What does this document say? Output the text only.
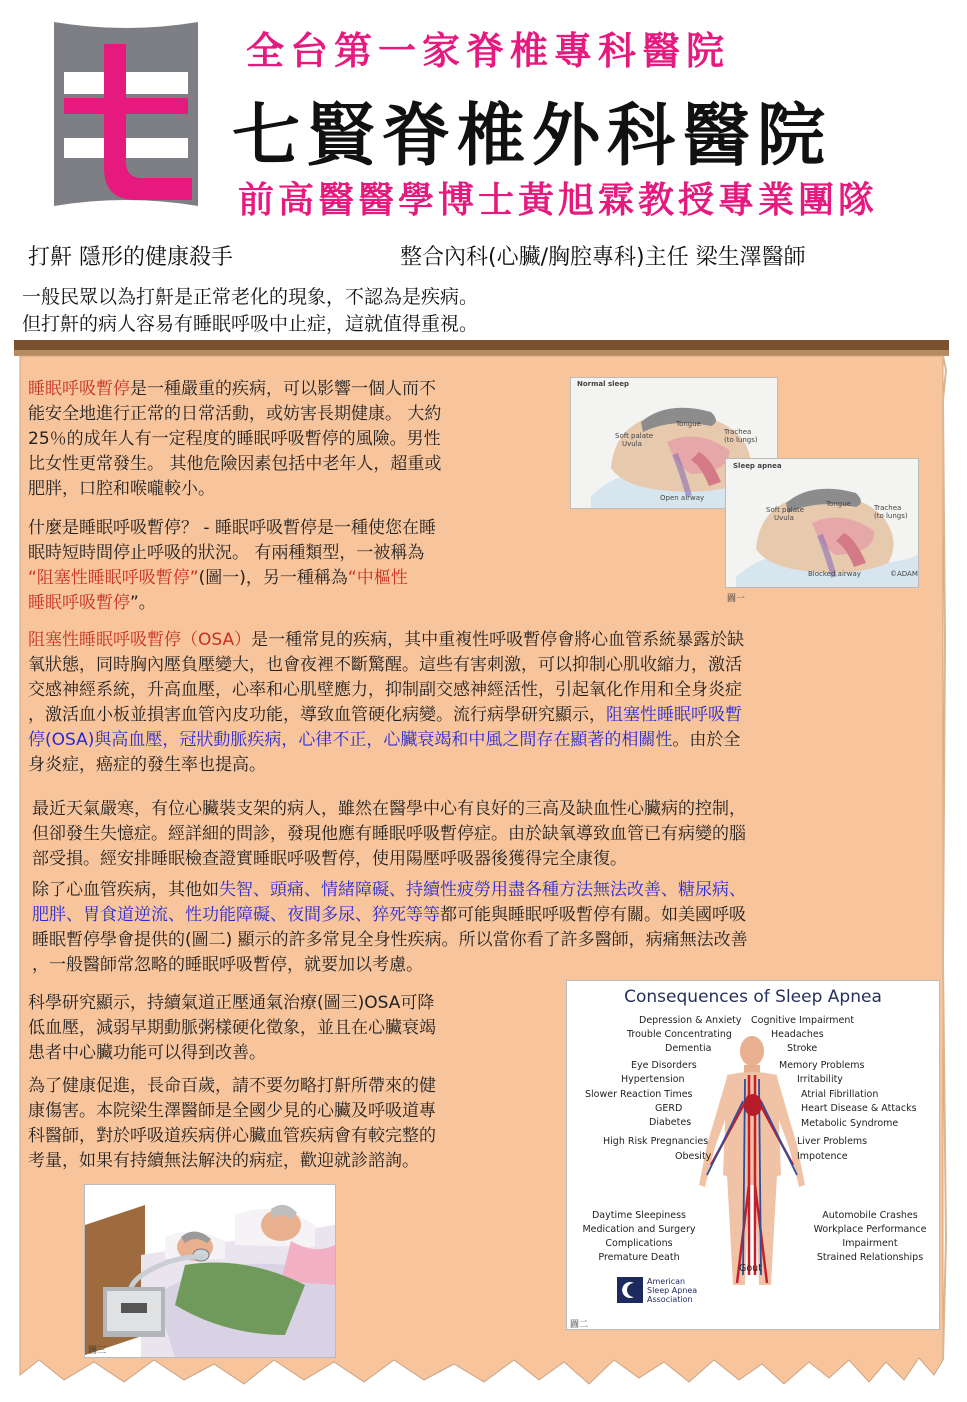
全台第一家脊椎專科醫院
七賢脊椎外科醫院
前高醫醫學博士黃旭霖教授專業團隊
打鼾 隱形的健康殺手	整合內科(心臟/胸腔專科)主任 梁生澤醫師
一般民眾以為打鼾是正常老化的現象，不認為是疾病。
但打鼾的病人容易有睡眠呼吸中止症，這就值得重視。
睡眠呼吸暫停是一種嚴重的疾病，可以影響一個人而不
能安全地進行正常的日常活動，或妨害長期健康。 大約
25％的成年人有一定程度的睡眠呼吸暫停的風險。男性
比女性更常發生。 其他危險因素包括中老年人，超重或
肥胖，口腔和喉嚨較小。
什麼是睡眠呼吸暫停？ - 睡眠呼吸暫停是一種使您在睡
眠時短時間停止呼吸的狀況。 有兩種類型，一被稱為
“阻塞性睡眠呼吸暫停”(圖一)，另一種稱為“中樞性
睡眠呼吸暫停”。
Normal sleep
Tongue
Soft palate
Uvula
Trachea
(to lungs)
Open airway
Sleep apnea
Tongue
Soft palate
Uvula
Trachea
(to lungs)
Blocked airway	©ADAM
圖一
阻塞性睡眠呼吸暫停（OSA）是一種常見的疾病，其中重複性呼吸暫停會將心血管系統暴露於缺
氧狀態，同時胸內壓負壓變大，也會夜裡不斷驚醒。這些有害刺激，可以抑制心肌收縮力，激活
交感神經系統，升高血壓，心率和心肌壁應力，抑制副交感神經活性，引起氧化作用和全身炎症
，激活血小板並損害血管內皮功能，導致血管硬化病變。流行病學研究顯示，阻塞性睡眠呼吸暫
停(OSA)與高血壓，冠狀動脈疾病，心律不正，心臟衰竭和中風之間存在顯著的相關性。由於全
身炎症，癌症的發生率也提高。
最近天氣嚴寒，有位心臟裝支架的病人，雖然在醫學中心有良好的三高及缺血性心臟病的控制，
但卻發生失憶症。經詳細的問診，發現他應有睡眠呼吸暫停症。由於缺氧導致血管已有病變的腦
部受損。經安排睡眠檢查證實睡眠呼吸暫停，使用陽壓呼吸器後獲得完全康復。
除了心血管疾病，其他如失智、頭痛、情緒障礙、持續性疲勞用盡各種方法無法改善、糖尿病、
肥胖、胃食道逆流、性功能障礙、夜間多尿、猝死等等都可能與睡眠呼吸暫停有關。如美國呼吸
睡眠暫停學會提供的(圖二) 顯示的許多常見全身性疾病。所以當你看了許多醫師，病痛無法改善
，一般醫師常忽略的睡眠呼吸暫停，就要加以考慮。
科學研究顯示，持續氣道正壓通氣治療(圖三)OSA可降
低血壓，減弱早期動脈粥樣硬化徵象，並且在心臟衰竭
患者中心臟功能可以得到改善。
為了健康促進，長命百歲，請不要勿略打鼾所帶來的健
康傷害。本院梁生澤醫師是全國少見的心臟及呼吸道專
科醫師，對於呼吸道疾病併心臟血管疾病會有較完整的
考量，如果有持續無法解決的病症，歡迎就診諮詢。
Consequences of Sleep Apnea
Depression & Anxiety
Trouble Concentrating
Dementia
Eye Disorders
Hypertension
Slower Reaction Times
GERD
Diabetes
High Risk Pregnancies
Obesity
Cognitive Impairment
Headaches
Stroke
Memory Problems
Irritability
Atrial Fibrillation
Heart Disease & Attacks
Metabolic Syndrome
Liver Problems
Impotence
Daytime Sleepiness
Medication and Surgery
Complications
Premature Death
Automobile Crashes
Workplace Performance
Impairment
Strained Relationships
Gout
American
Sleep Apnea
Association
圖二
圖三
